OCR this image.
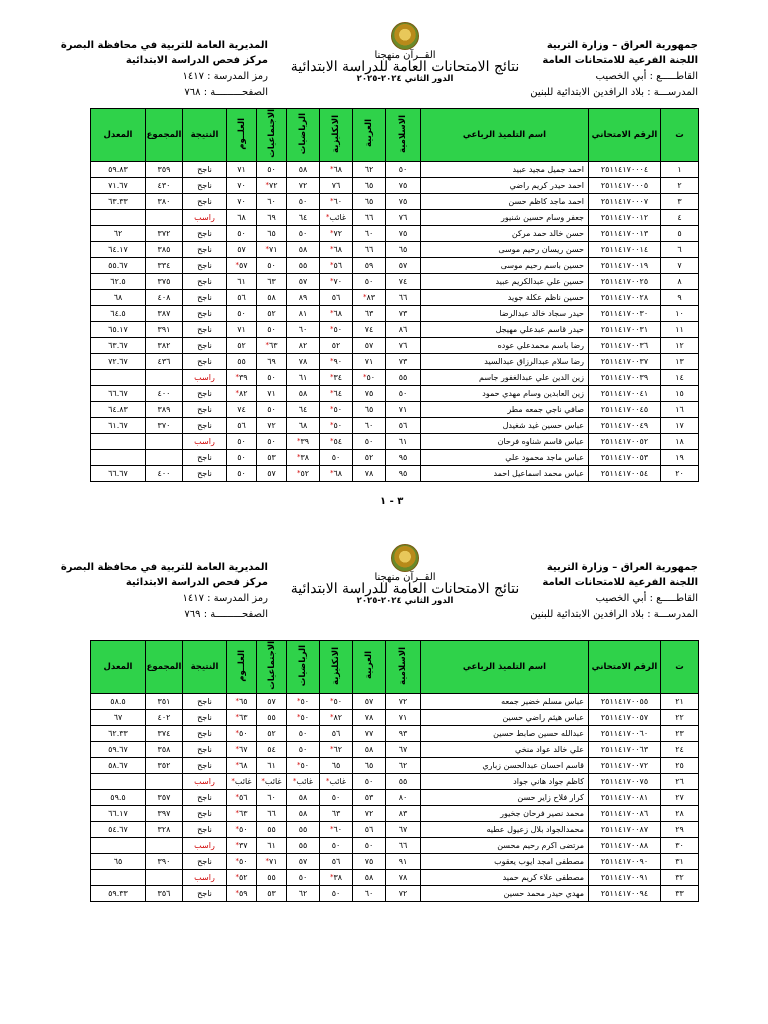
جمهورية العراق – وزارة التربية
اللجنة الفرعية للامتحانات العامة
القاطـــــع : أبي الخصيب
المدرســـة : بلاد الرافدين الابتدائية للبنين
القــرآن منهجنا
نتائج الامتحانات العامة للدراسة الابتدائية
الدور الثاني ٢٠٢٤-٢٠٢٥
المديرية العامة للتربية في محافظة البصرة
مركز فحص الدراسة الابتدائية
رمز المدرسة : ١٤١٧
الصفحـــــــــة : ٧٦٨
ت	الرقم الامتحاني	اسم التلميذ الرباعي	الاسلامية	العربية	الانكليزية	الرياضيات	الاجتماعيات	العلــوم	النتيجة	المجموع	المعدل
١	٢٥١١٤١٧٠٠٠٤	احمد جميل مجيد عبيد	٥٠	٦٢	٦٨*	٥٨	٥٠	٧١	ناجح	٣٥٩	٥٩.٨٣
٢	٢٥١١٤١٧٠٠٠٥	احمد حيدر كريم راضي	٧٥	٦٥	٧٦	٧٢	٧٢*	٧٠	ناجح	٤٣٠	٧١.٦٧
٣	٢٥١١٤١٧٠٠٠٧	احمد ماجد كاظم حسن	٧٥	٦٥	٦٠*	٥٠	٦٠	٧٠	ناجح	٣٨٠	٦٣.٣٣
٤	٢٥١١٤١٧٠٠١٢	جعفر وسام حسين شنيور	٧٦	٦٦	غائب*	٦٤	٦٩	٦٨	راسب		
٥	٢٥١١٤١٧٠٠١٣	حسن خالد حمد مركن	٧٥	٦٠	٧٢*	٥٠	٦٥	٥٠	ناجح	٣٧٢	٦٢
٦	٢٥١١٤١٧٠٠١٤	حسن ريسان رحيم موسى	٦٥	٦٦	٦٨*	٥٨	٧١*	٥٧	ناجح	٣٨٥	٦٤.١٧
٧	٢٥١١٤١٧٠٠١٩	حسين باسم رحيم موسى	٥٧	٥٩	٥٦*	٥٥	٥٠	٥٧*	ناجح	٣٣٤	٥٥.٦٧
٨	٢٥١١٤١٧٠٠٢٥	حسين علي عبدالكريم عبيد	٧٤	٥٠	٧٠*	٥٧	٦٣	٦١	ناجح	٣٧٥	٦٢.٥
٩	٢٥١١٤١٧٠٠٢٨	حسين ناظم عكلة جويد	٦٦	٨٣*	٥٦	٨٩	٥٨	٥٦	ناجح	٤٠٨	٦٨
١٠	٢٥١١٤١٧٠٠٣٠	حيدر سجاد خالد عبدالرضا	٧٣	٦٣	٦٨*	٨١	٥٢	٥٠	ناجح	٣٨٧	٦٤.٥
١١	٢٥١١٤١٧٠٠٣١	حيدر قاسم عبدعلي مهيجل	٨٦	٧٤	٥٠*	٦٠	٥٠	٧١	ناجح	٣٩١	٦٥.١٧
١٢	٢٥١١٤١٧٠٠٣٦	رضا باسم محمدعلي عوده	٧٦	٥٧	٥٢	٨٢	٦٣*	٥٢	ناجح	٣٨٢	٦٣.٦٧
١٣	٢٥١١٤١٧٠٠٣٧	رضا سلام عبدالرزاق عبدالسيد	٧٣	٧١	٩٠*	٧٨	٦٩	٥٥	ناجح	٤٣٦	٧٢.٦٧
١٤	٢٥١١٤١٧٠٠٣٩	زين الدين علي عبدالغفور جاسم	٥٥	٥٠*	٣٤*	٦١	٥٠	٣٩*	راسب		
١٥	٢٥١١٤١٧٠٠٤١	زين العابدين وسام مهدي حمود	٥٠	٧٥	٦٤*	٥٨	٧١	٨٢*	ناجح	٤٠٠	٦٦.٦٧
١٦	٢٥١١٤١٧٠٠٤٥	صافي ناجي جمعه مطر	٧١	٦٥	٥٠*	٦٤	٥٠	٧٤	ناجح	٣٨٩	٦٤.٨٣
١٧	٢٥١١٤١٧٠٠٤٩	عباس حسين غيد شغيدل	٥٦	٦٠	٥٠*	٦٨	٧٢	٥٦	ناجح	٣٧٠	٦١.٦٧
١٨	٢٥١١٤١٧٠٠٥٢	عباس قاسم شناوه فرحان	٦١	٥٠	٥٤*	٣٩*	٥٠	٥٠	راسب		
١٩	٢٥١١٤١٧٠٠٥٣	عباس ماجد محمود علي	٩٥	٥٢	٥٠	٣٨*	٥٣	٥٠	ناجح		
٢٠	٢٥١١٤١٧٠٠٥٤	عباس محمد اسماعيل احمد	٩٥	٧٨	٦٨*	٥٢*	٥٧	٥٠	ناجح	٤٠٠	٦٦.٦٧
٣ - ١
جمهورية العراق – وزارة التربية
اللجنة الفرعية للامتحانات العامة
القاطـــــع : أبي الخصيب
المدرســـة : بلاد الرافدين الابتدائية للبنين
القــرآن منهجنا
نتائج الامتحانات العامة للدراسة الابتدائية
الدور الثاني ٢٠٢٤-٢٠٢٥
المديرية العامة للتربية في محافظة البصرة
مركز فحص الدراسة الابتدائية
رمز المدرسة : ١٤١٧
الصفحـــــــــة : ٧٦٩
ت	الرقم الامتحاني	اسم التلميذ الرباعي	الاسلامية	العربية	الانكليزية	الرياضيات	الاجتماعيات	العلــوم	النتيجة	المجموع	المعدل
٢١	٢٥١١٤١٧٠٠٥٥	عباس مسلم خضير جمعه	٧٢	٥٧	٥٠*	٥٠*	٥٧	٦٥*	ناجح	٣٥١	٥٨.٥
٢٢	٢٥١١٤١٧٠٠٥٧	عباس هيثم راضي حسين	٧١	٧٨	٨٢*	٥٠*	٥٥	٦٣*	ناجح	٤٠٢	٦٧
٢٣	٢٥١١٤١٧٠٠٦٠	عبدالله حسين صابط حسين	٩٣	٧٧	٥٦	٥٠	٥٢	٥٠*	ناجح	٣٧٤	٦٢.٣٣
٢٤	٢٥١١٤١٧٠٠٦٣	علي خالد عواد منخي	٦٧	٥٨	٦٢*	٥٠	٥٤	٦٧*	ناجح	٣٥٨	٥٩.٦٧
٢٥	٢٥١١٤١٧٠٠٧٢	قاسم احسان عبدالحسن زباري	٦٢	٦٥	٦٥	٥٠*	٦١	٦٨*	ناجح	٣٥٢	٥٨.٦٧
٢٦	٢٥١١٤١٧٠٠٧٥	كاظم جواد هاني جواد	٥٥	٥٠	غائب*	غائب*	غائب*	غائب*	راسب		
٢٧	٢٥١١٤١٧٠٠٨١	كرار فلاح زاير حسن	٨٠	٥٣	٥٠	٥٨	٦٠	٥٦*	ناجح	٣٥٧	٥٩.٥
٢٨	٢٥١١٤١٧٠٠٨٦	محمد نصير فرحان جخيور	٨٣	٧٢	٦٣	٥٨	٦٦	٦٣*	ناجح	٣٩٧	٦٦.١٧
٢٩	٢٥١١٤١٧٠٠٨٧	محمدالجواد بلال زعيول عطيه	٦٧	٥٦	٦٠*	٥٥	٥٥	٥٠*	ناجح	٣٢٨	٥٤.٦٧
٣٠	٢٥١١٤١٧٠٠٨٨	مرتضى اكرم رحيم محسن	٦٦	٥٠	٥٠	٥٥	٦١	٣٧*	راسب		
٣١	٢٥١١٤١٧٠٠٩٠	مصطفى امجد ايوب يعقوب	٩١	٧٥	٥٦	٥٧	٧١*	٥٠*	ناجح	٣٩٠	٦٥
٣٢	٢٥١١٤١٧٠٠٩١	مصطفى علاء كريم حميد	٧٨	٥٨	٣٨*	٥٠	٥٥	٥٢*	راسب		
٣٣	٢٥١١٤١٧٠٠٩٤	مهدي حيدر محمد حسين	٧٢	٦٠	٥٠	٦٢	٥٣	٥٩*	ناجح	٣٥٦	٥٩.٣٣
